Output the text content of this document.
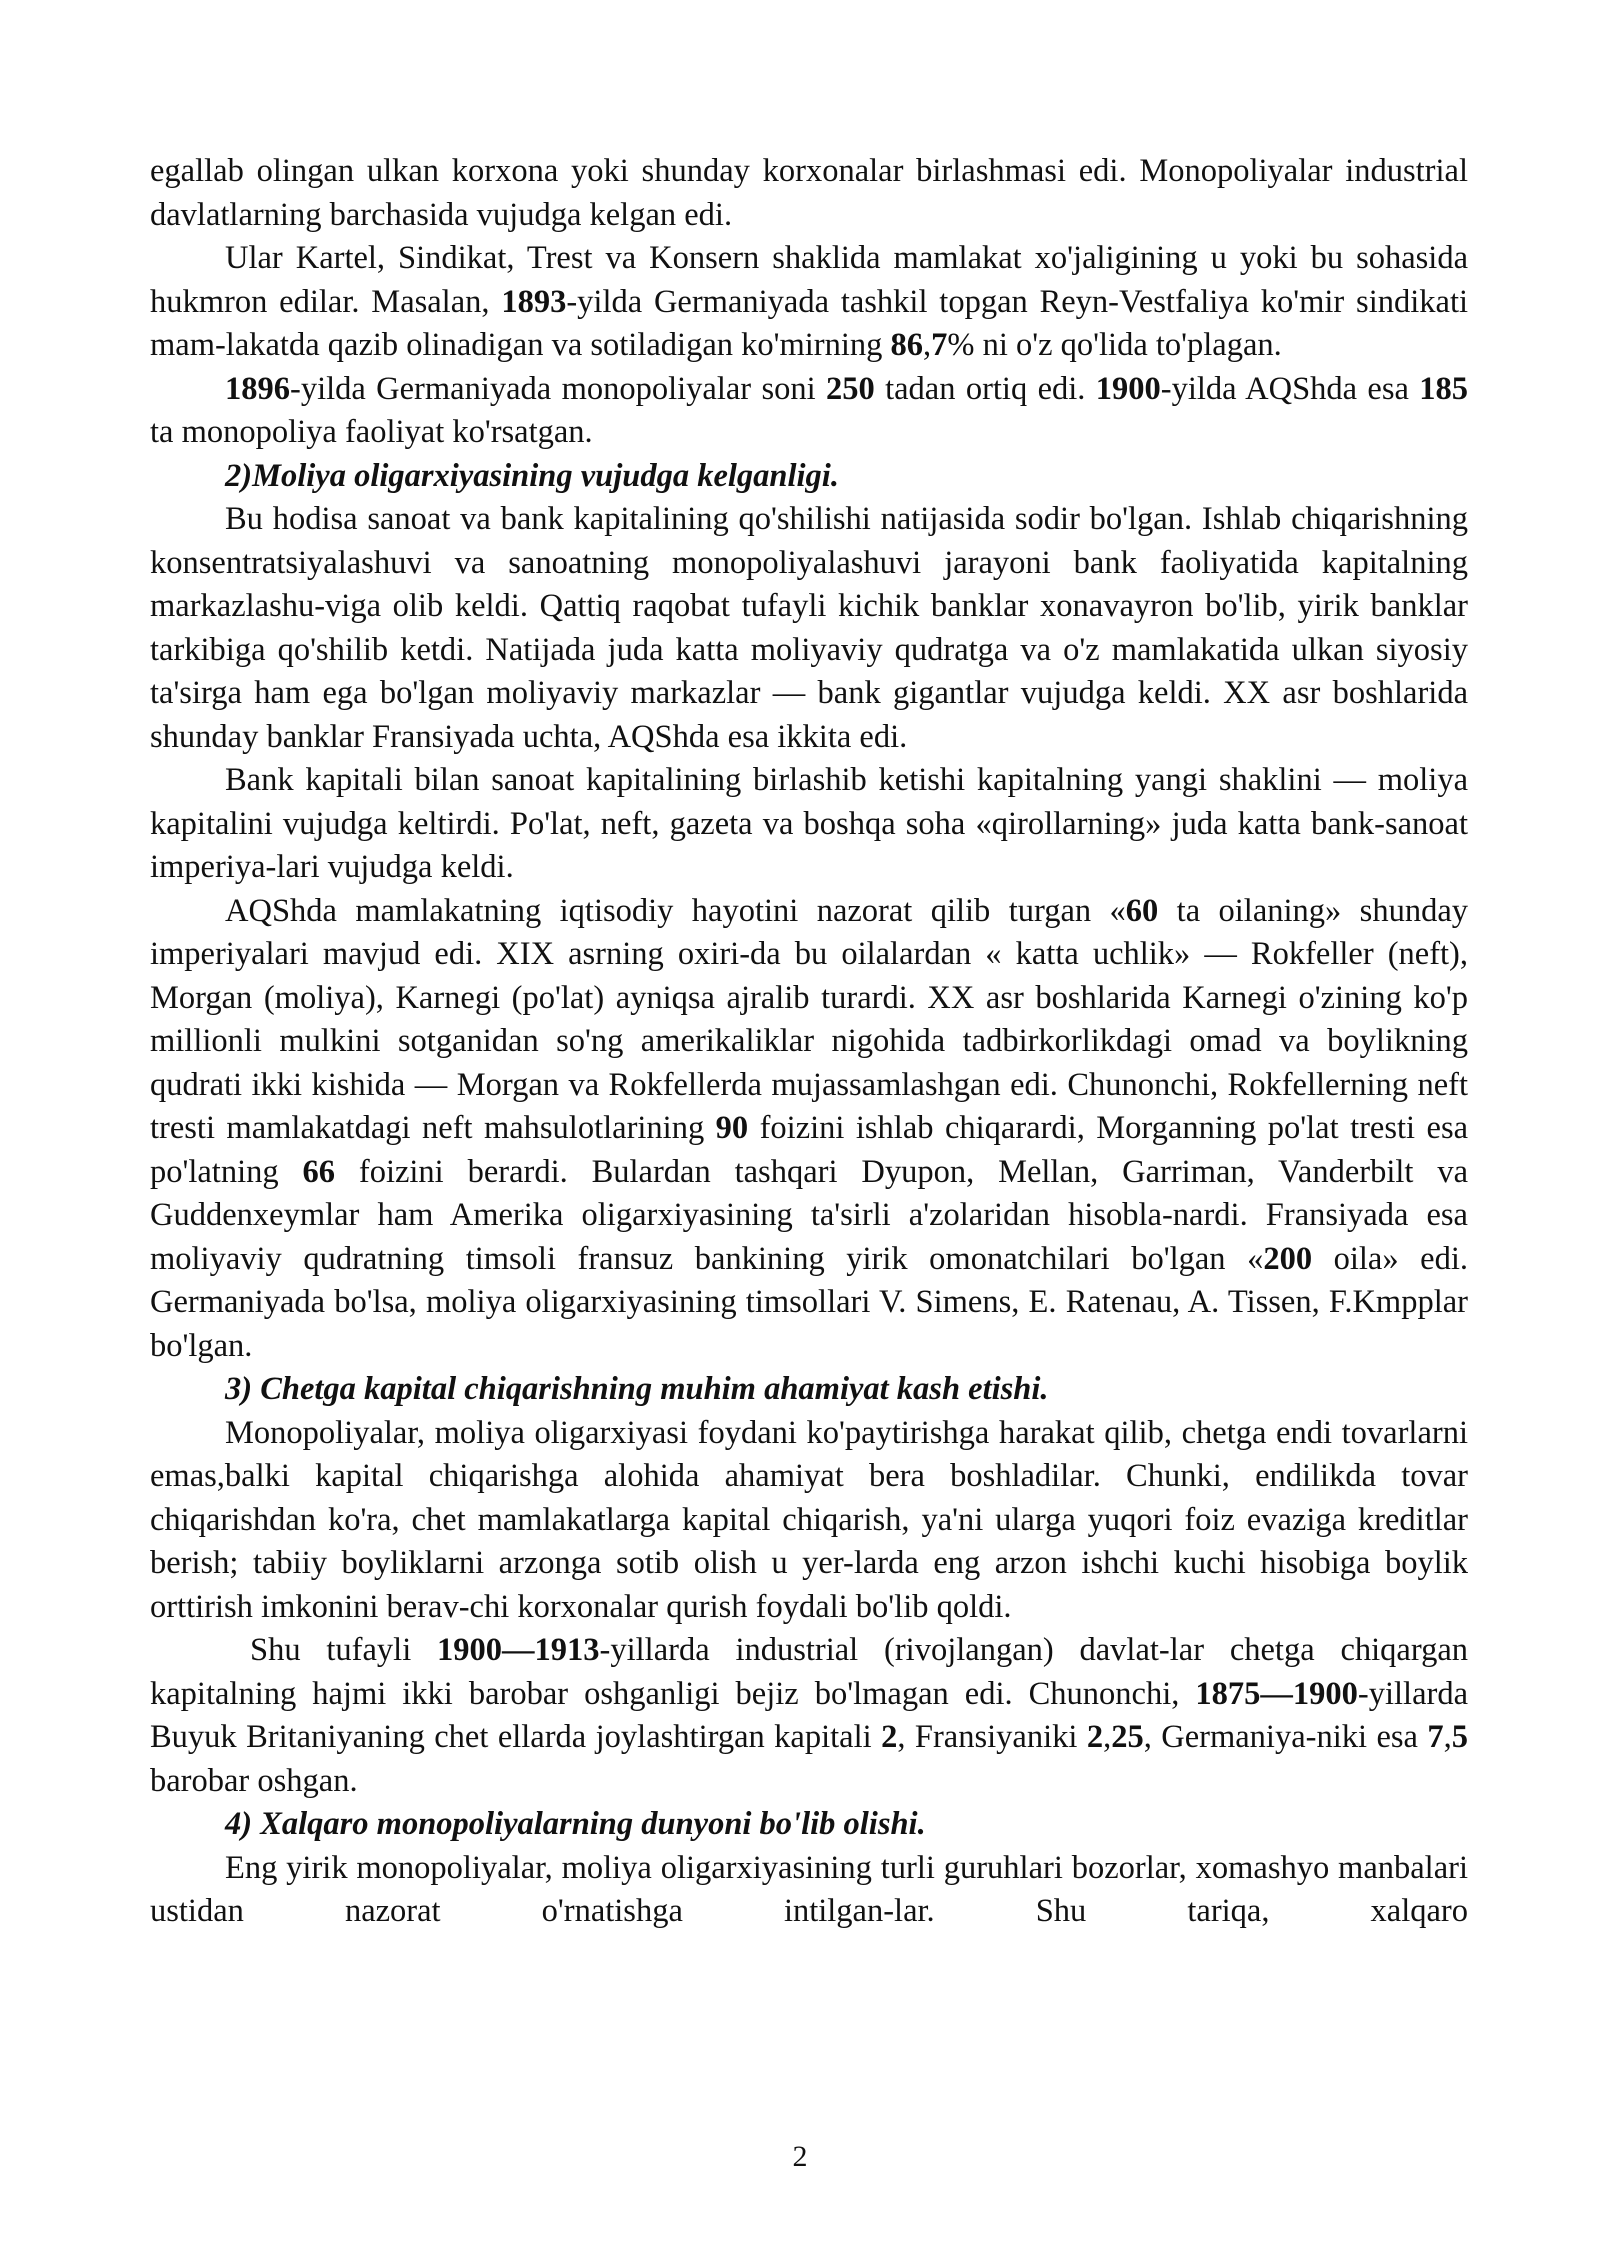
egallab olingan ulkan korxona yoki shunday korxonalar birlashmasi edi. Monopoliyalar industrial davlatlarning barchasida vujudga kelgan edi.

Ular Kartel, Sindikat, Trest va Konsern shaklida mamlakat xo'jaligining u yoki bu sohasida hukmron edilar. Masalan, 1893-yilda Germaniyada tashkil topgan Reyn-Vestfaliya ko'mir sindikati mam-lakatda qazib olinadigan va sotiladigan ko'mirning 86,7% ni o'z qo'lida to'plagan.

1896-yilda Germaniyada monopoliyalar soni 250 tadan ortiq edi. 1900-yilda AQShda esa 185 ta monopoliya faoliyat ko'rsatgan.

2)Moliya oligarxiyasining vujudga kelganligi.

Bu hodisa sanoat va bank kapitalining qo'shilishi natijasida sodir bo'lgan. Ishlab chiqarishning konsentratsiyalashuvi va sanoatning monopoliyalashuvi jarayoni bank faoliyatida kapitalning markazlashu-viga olib keldi. Qattiq raqobat tufayli kichik banklar xonavayron bo'lib, yirik banklar tarkibiga qo'shilib ketdi. Natijada juda katta moliyaviy qudratga va o'z mamlakatida ulkan siyosiy ta'sirga ham ega bo'lgan moliyaviy markazlar — bank gigantlar vujudga keldi. XX asr boshlarida shunday banklar Fransiyada uchta, AQShda esa ikkita edi.

Bank kapitali bilan sanoat kapitalining birlashib ketishi kapitalning yangi shaklini — moliya kapitalini vujudga keltirdi. Po'lat, neft, gazeta va boshqa soha «qirollarning» juda katta bank-sanoat imperiya-lari vujudga keldi.

AQShda mamlakatning iqtisodiy hayotini nazorat qilib turgan «60 ta oilaning» shunday imperiyalari mavjud edi. XIX asrning oxiri-da bu oilalardan « katta uchlik» — Rokfeller (neft), Morgan (moliya), Karnegi (po'lat) ayniqsa ajralib turardi. XX asr boshlarida Karnegi o'zining ko'p millionli mulkini sotganidan so'ng amerikaliklar nigohida tadbirkorlikdagi omad va boylikning qudrati ikki kishida — Morgan va Rokfellerda mujassamlashgan edi. Chunonchi, Rokfellerning neft tresti mamlakatdagi neft mahsulotlarining 90 foizini ishlab chiqarardi, Morganning po'lat tresti esa po'latning 66 foizini berardi. Bulardan tashqari Dyupon, Mellan, Garriman, Vanderbilt va Guddenxeymlar ham Amerika oligarxiyasining ta'sirli a'zolaridan hisobla-nardi. Fransiyada esa moliyaviy qudratning timsoli fransuz bankining yirik omonatchilari bo'lgan «200 oila» edi. Germaniyada bo'lsa, moliya oligarxiyasining timsollari V. Simens, E. Ratenau, A. Tissen, F.Kmpplar bo'lgan.

3) Chetga kapital chiqarishning muhim ahamiyat kash etishi.

Monopoliyalar, moliya oligarxiyasi foydani ko'paytirishga harakat qilib, chetga endi tovarlarni emas,balki kapital chiqarishga alohida ahamiyat bera boshladilar. Chunki, endilikda tovar chiqarishdan ko'ra, chet mamlakatlarga kapital chiqarish, ya'ni ularga yuqori foiz evaziga kreditlar berish; tabiiy boyliklarni arzonga sotib olish u yer-larda eng arzon ishchi kuchi hisobiga boylik orttirish imkonini berav-chi korxonalar qurish foydali bo'lib qoldi.

Shu tufayli 1900—1913-yillarda industrial (rivojlangan) davlat-lar chetga chiqargan kapitalning hajmi ikki barobar oshganligi bejiz bo'lmagan edi. Chunonchi, 1875—1900-yillarda Buyuk Britaniyaning chet ellarda joylashtirgan kapitali 2, Fransiyaniki 2,25, Germaniya-niki esa 7,5 barobar oshgan.

4) Xalqaro monopoliyalarning dunyoni bo'lib olishi.

Eng yirik monopoliyalar, moliya oligarxiyasining turli guruhlari bozorlar, xomashyo manbalari ustidan nazorat o'rnatishga intilgan-lar. Shu tariqa, xalqaro

2
